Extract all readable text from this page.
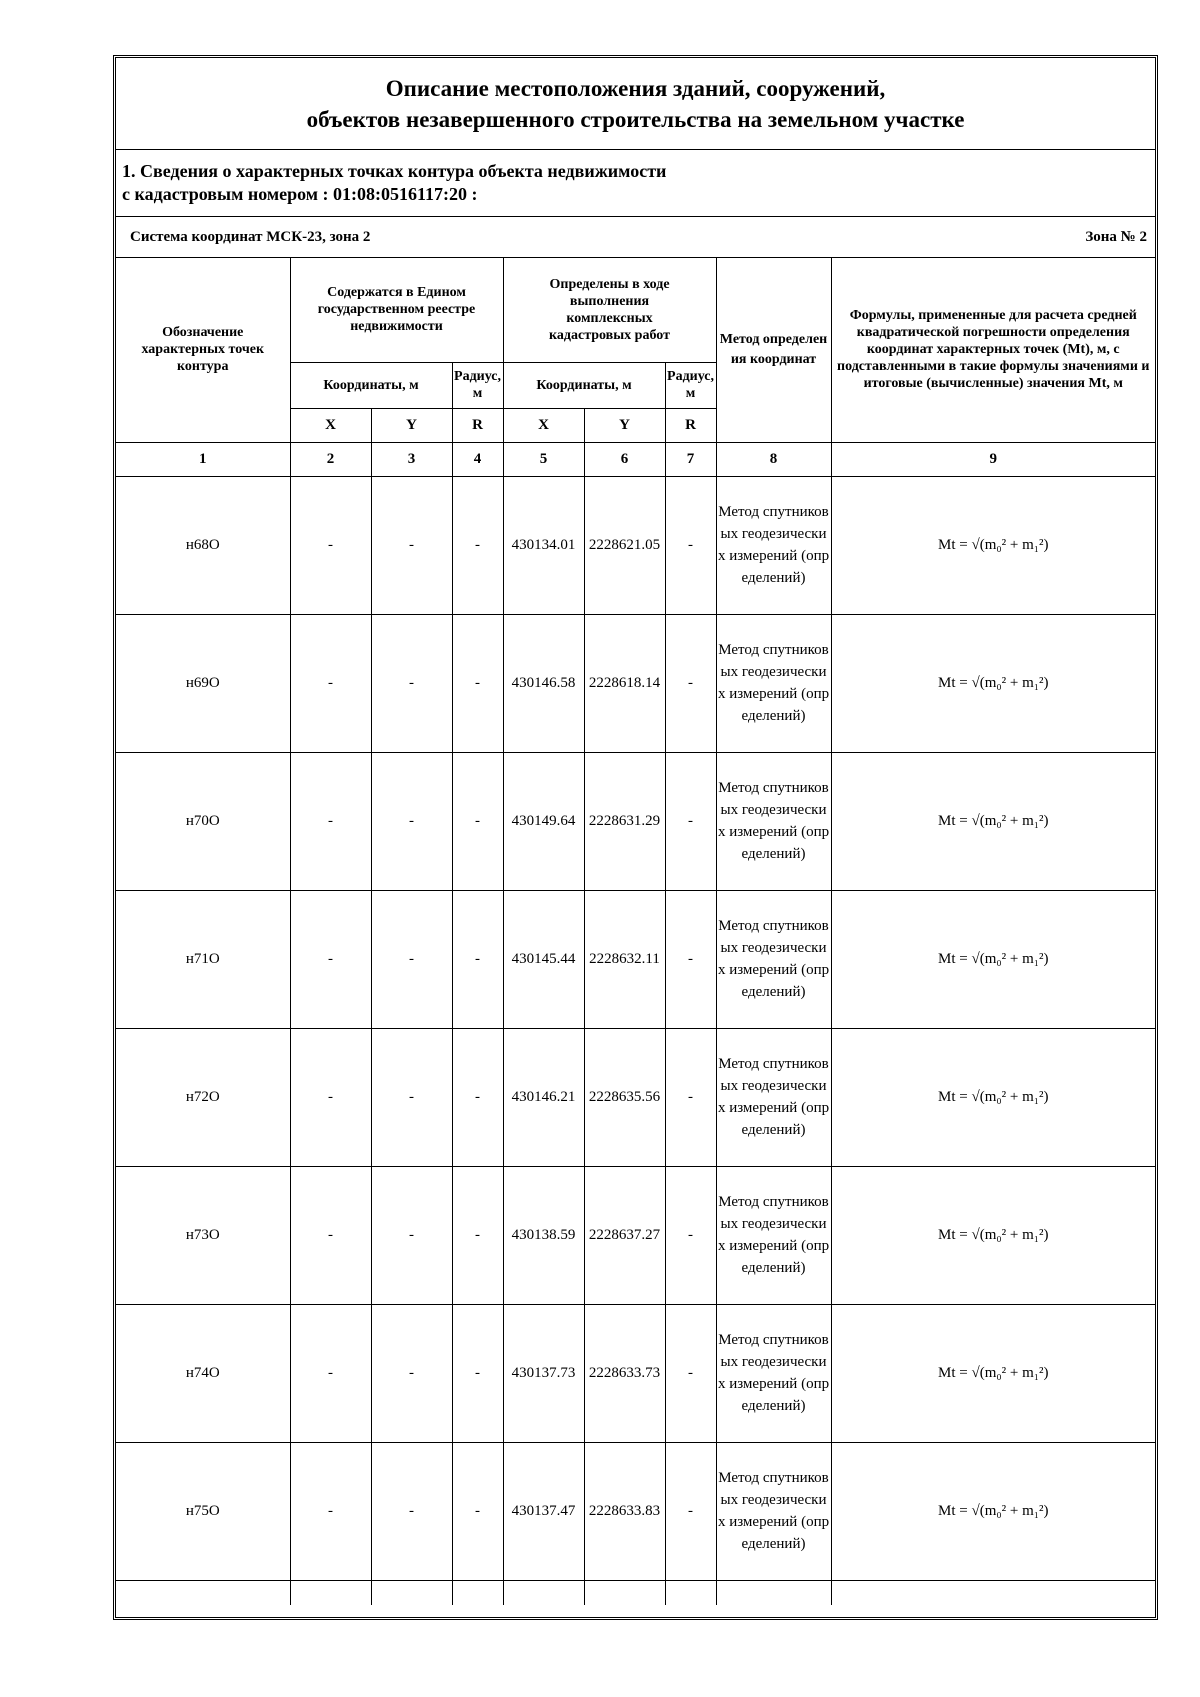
Описание местоположения зданий, сооружений,
объектов незавершенного строительства на земельном участке
1. Сведения о характерных точках контура объекта недвижимости
с кадастровым номером : 01:08:0516117:20 :
Система координат МСК-23, зона 2	Зона № 2
Обозначение характерных точек контура	Содержатся в Едином государственном реестре недвижимости			Определены в ходе выполнения комплексных кадастровых работ			Метод определения координат	Формулы, примененные для расчета средней квадратической погрешности определения координат характерных точек (Mt), м, с подставленными в такие формулы значениями и итоговые (вычисленные) значения Mt, м
	Координаты, м		Радиус, м	Координаты, м		Радиус, м		
	X	Y	R	X	Y	R		
1	2	3	4	5	6	7	8	9
н68О	-	-	-	430134.01	2228621.05	-	Метод спутниковых геодезических измерений (определений)	Mt = √(m₀² + m₁²)
н69О	-	-	-	430146.58	2228618.14	-	Метод спутниковых геодезических измерений (определений)	Mt = √(m₀² + m₁²)
н70О	-	-	-	430149.64	2228631.29	-	Метод спутниковых геодезических измерений (определений)	Mt = √(m₀² + m₁²)
н71О	-	-	-	430145.44	2228632.11	-	Метод спутниковых геодезических измерений (определений)	Mt = √(m₀² + m₁²)
н72О	-	-	-	430146.21	2228635.56	-	Метод спутниковых геодезических измерений (определений)	Mt = √(m₀² + m₁²)
н73О	-	-	-	430138.59	2228637.27	-	Метод спутниковых геодезических измерений (определений)	Mt = √(m₀² + m₁²)
н74О	-	-	-	430137.73	2228633.73	-	Метод спутниковых геодезических измерений (определений)	Mt = √(m₀² + m₁²)
н75О	-	-	-	430137.47	2228633.83	-	Метод спутниковых геодезических измерений (определений)	Mt = √(m₀² + m₁²)
